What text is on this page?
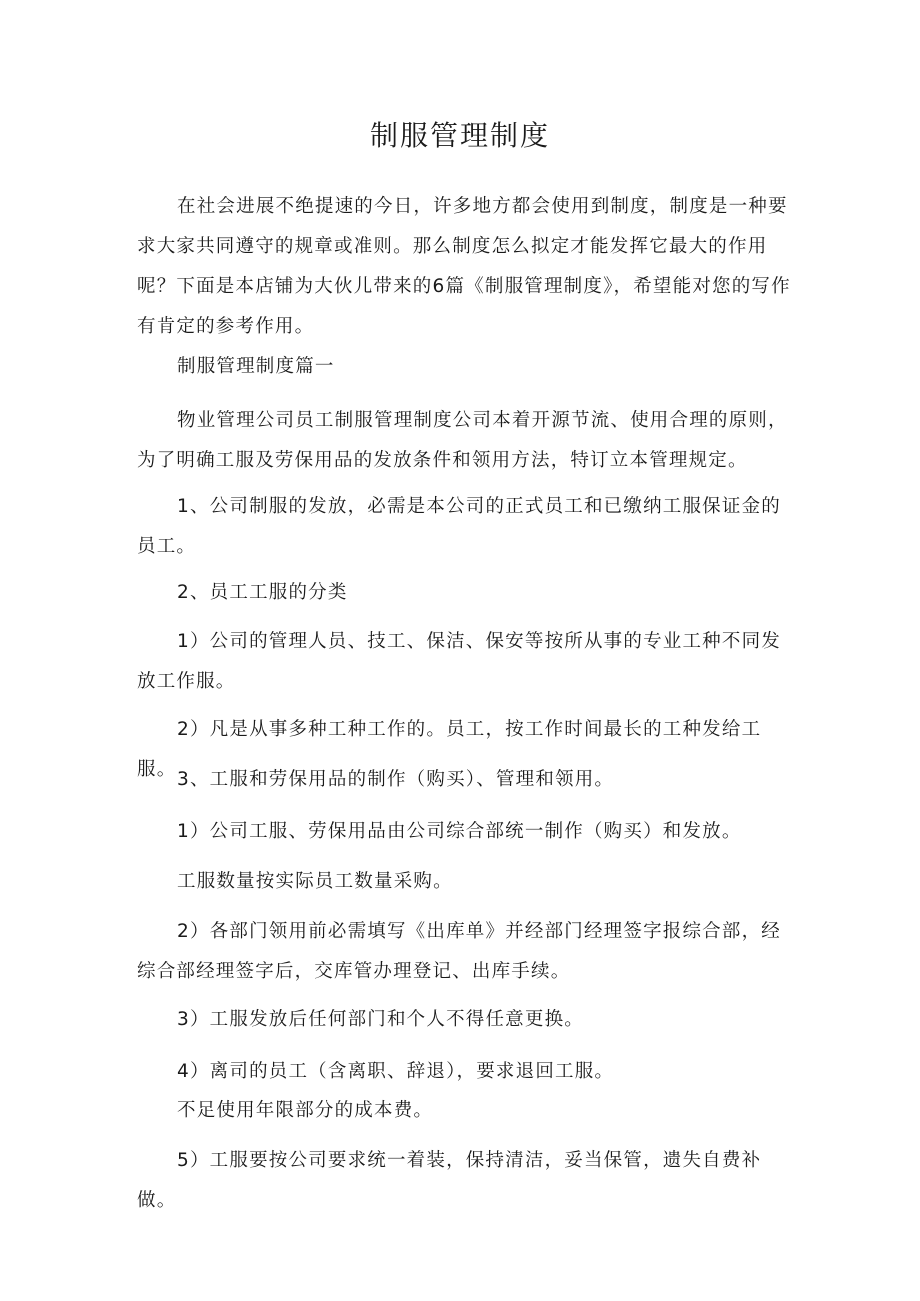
制服管理制度

在社会进展不绝提速的今日，许多地方都会使用到制度，制度是一种要求大家共同遵守的规章或准则。那么制度怎么拟定才能发挥它最大的作用呢？下面是本店铺为大伙儿带来的6篇《制服管理制度》，希望能对您的写作有肯定的参考作用。

制服管理制度篇一

物业管理公司员工制服管理制度公司本着开源节流、使用合理的原则，为了明确工服及劳保用品的发放条件和领用方法，特订立本管理规定。

1、公司制服的发放，必需是本公司的正式员工和已缴纳工服保证金的员工。

2、员工工服的分类

1）公司的管理人员、技工、保洁、保安等按所从事的专业工种不同发放工作服。

2）凡是从事多种工种工作的。员工，按工作时间最长的工种发给工服。 3、工服和劳保用品的制作（购买）、管理和领用。

1）公司工服、劳保用品由公司综合部统一制作（购买）和发放。

工服数量按实际员工数量采购。

2）各部门领用前必需填写《出库单》并经部门经理签字报综合部，经综合部经理签字后，交库管办理登记、出库手续。

3）工服发放后任何部门和个人不得任意更换。

4）离司的员工（含离职、辞退），要求退回工服。

不足使用年限部分的成本费。

5）工服要按公司要求统一着装，保持清洁，妥当保管，遗失自费补做。
